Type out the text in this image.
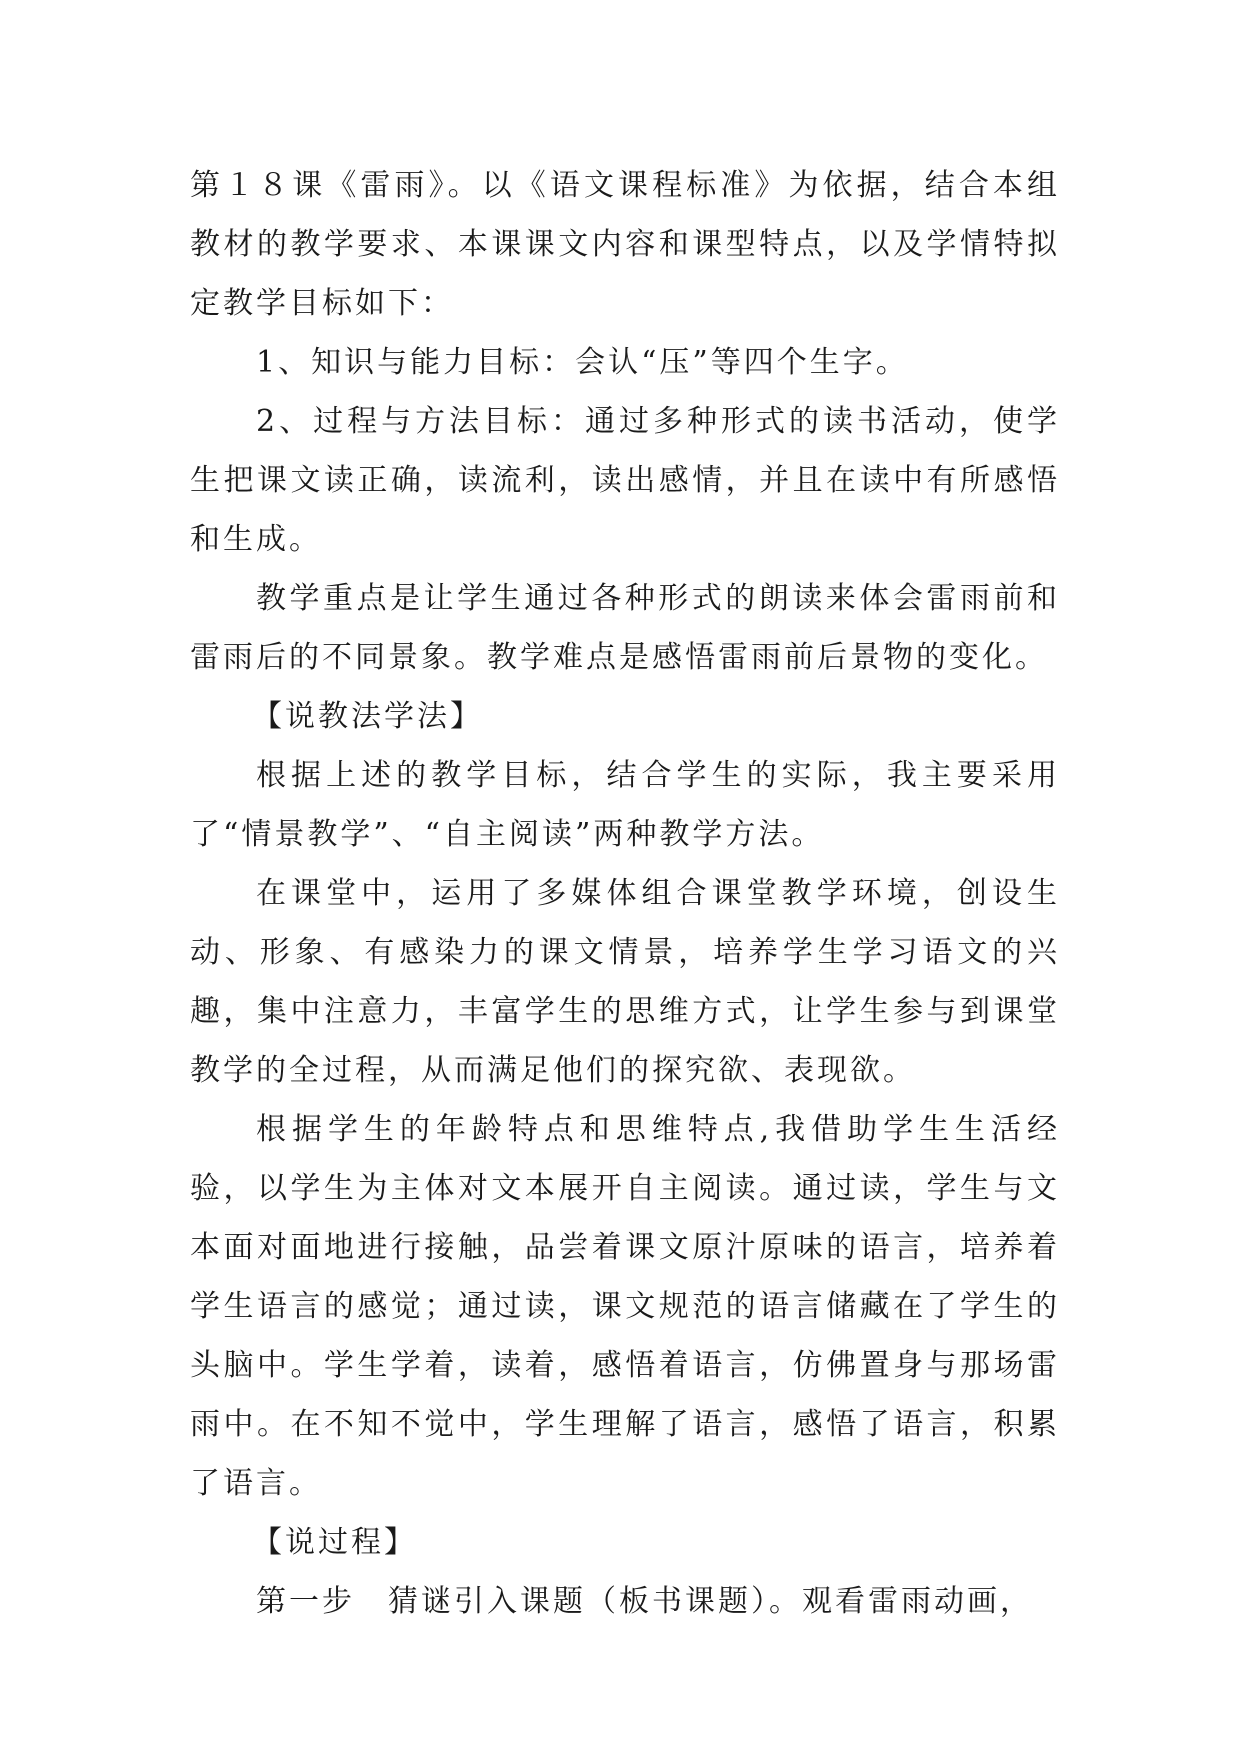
第１８课《雷雨》。以《语文课程标准》为依据，结合本组教材的教学要求、本课课文内容和课型特点，以及学情特拟定教学目标如下：

1、知识与能力目标：会认“压”等四个生字。

2、过程与方法目标：通过多种形式的读书活动，使学生把课文读正确，读流利，读出感情，并且在读中有所感悟和生成。

教学重点是让学生通过各种形式的朗读来体会雷雨前和雷雨后的不同景象。教学难点是感悟雷雨前后景物的变化。

【说教法学法】

根据上述的教学目标，结合学生的实际，我主要采用了“情景教学”、“自主阅读”两种教学方法。

在课堂中，运用了多媒体组合课堂教学环境，创设生动、形象、有感染力的课文情景，培养学生学习语文的兴趣，集中注意力，丰富学生的思维方式，让学生参与到课堂教学的全过程，从而满足他们的探究欲、表现欲。

根据学生的年龄特点和思维特点,我借助学生生活经验，以学生为主体对文本展开自主阅读。通过读，学生与文本面对面地进行接触，品尝着课文原汁原味的语言，培养着学生语言的感觉；通过读，课文规范的语言储藏在了学生的头脑中。学生学着，读着，感悟着语言，仿佛置身与那场雷雨中。在不知不觉中，学生理解了语言，感悟了语言，积累了语言。

【说过程】

第一步　猜谜引入课题（板书课题）。观看雷雨动画，
